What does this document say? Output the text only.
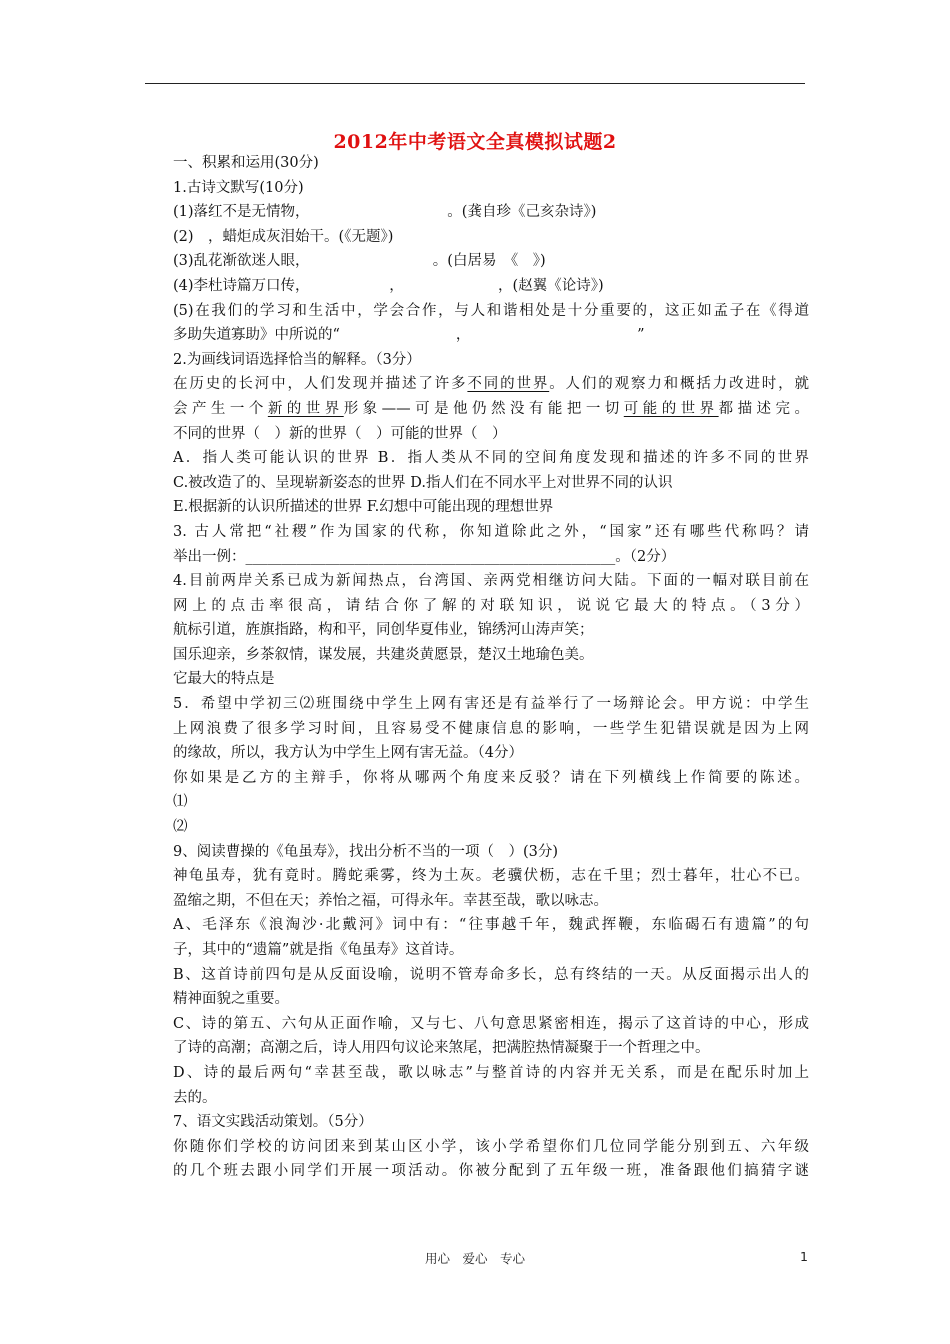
2012年中考语文全真模拟试题2
一、积累和运用(30分)
1.古诗文默写(10分)
(1)落红不是无情物，　　　　　　　　　　。(龚自珍《己亥杂诗》)
(2)　，蜡炬成灰泪始干。(《无题》)
(3)乱花渐欲迷人眼，　　　　　　　　　。(白居易　《　》)
(4)李杜诗篇万口传，　　　　　　，　　　　　　　，(赵翼《论诗》)
(5)在我们的学习和生活中，学会合作，与人和谐相处是十分重要的，这正如孟子在《得道
多助失道寡助》中所说的“　　　　　　　　，　　　　　　　　　　　　”
2.为画线词语选择恰当的解释。（3分）
在历史的长河中，人们发现并描述了许多不同的世界。人们的观察力和概括力改进时，就
会产生一个新的世界形象——可是他仍然没有能把一切可能的世界都描述完。
不同的世界（　）新的世界（　）可能的世界（　）
A．指人类可能认识的世界 B．指人类从不同的空间角度发现和描述的许多不同的世界
C.被改造了的、呈现崭新姿态的世界 D.指人们在不同水平上对世界不同的认识
E.根据新的认识所描述的世界 F.幻想中可能出现的理想世界
3. 古人常把“社稷”作为国家的代称，你知道除此之外，“国家”还有哪些代称吗？请
举出一例：___________________________________________________。（2分）
4.目前两岸关系已成为新闻热点，台湾国、亲两党相继访问大陆。下面的一幅对联目前在
网上的点击率很高，请结合你了解的对联知识，说说它最大的特点。（3分）
航标引道，旌旗指路，构和平，同创华夏伟业，锦绣河山涛声笑；
国乐迎亲，乡茶叙情，谋发展，共建炎黄愿景，楚汉土地瑜色美。
它最大的特点是
5．希望中学初三⑵班围绕中学生上网有害还是有益举行了一场辩论会。甲方说：中学生
上网浪费了很多学习时间，且容易受不健康信息的影响，一些学生犯错误就是因为上网
的缘故，所以，我方认为中学生上网有害无益。（4分）
你如果是乙方的主辩手，你将从哪两个角度来反驳？请在下列横线上作简要的陈述。
⑴
⑵
9、阅读曹操的《龟虽寿》，找出分析不当的一项（　）(3分)
神龟虽寿，犹有竟时。腾蛇乘雾，终为土灰。老骥伏枥，志在千里；烈士暮年，壮心不已。
盈缩之期，不但在天；养怡之福，可得永年。幸甚至哉，歌以咏志。
A、毛泽东《浪淘沙·北戴河》词中有：“往事越千年，魏武挥鞭，东临碣石有遗篇”的句
子，其中的“遗篇”就是指《龟虽寿》这首诗。
B、这首诗前四句是从反面设喻，说明不管寿命多长，总有终结的一天。从反面揭示出人的
精神面貌之重要。
C、诗的第五、六句从正面作喻，又与七、八句意思紧密相连，揭示了这首诗的中心，形成
了诗的高潮；高潮之后，诗人用四句议论来煞尾，把满腔热情凝聚于一个哲理之中。
D、诗的最后两句“幸甚至哉，歌以咏志”与整首诗的内容并无关系，而是在配乐时加上
去的。
7、语文实践活动策划。（5分）
你随你们学校的访问团来到某山区小学，该小学希望你们几位同学能分别到五、六年级
的几个班去跟小同学们开展一项活动。你被分配到了五年级一班，准备跟他们搞猜字谜
用心　爱心　专心	1
